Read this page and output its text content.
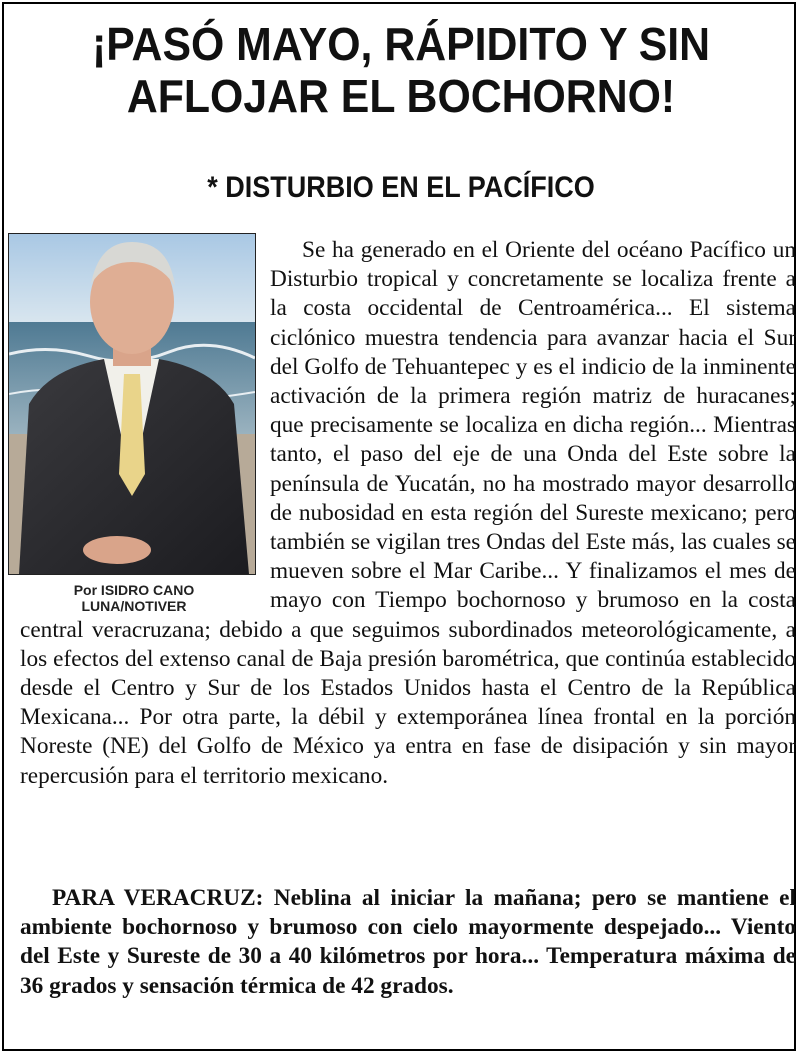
¡PASÓ MAYO, RÁPIDITO Y SIN
AFLOJAR EL BOCHORNO!
* DISTURBIO EN EL PACÍFICO
Por ISIDRO CANO
LUNA/NOTIVER

Se ha generado en el Oriente del océano Pacífico un Disturbio tropical y concretamente se localiza frente a la costa occidental de Centroamérica... El sistema ciclónico muestra tendencia para avanzar hacia el Sur del Golfo de Tehuantepec y es el indicio de la inminente activación de la primera región matriz de huracanes; que precisamente se localiza en dicha región... Mientras tanto, el paso del eje de una Onda del Este sobre la península de Yucatán, no ha mostrado mayor desarrollo de nubosidad en esta región del Sureste mexicano; pero también se vigilan tres Ondas del Este más, las cuales se mueven sobre el Mar Caribe... Y finalizamos el mes de mayo con Tiempo bochornoso y brumoso en la costa central veracruzana; debido a que seguimos subordinados meteorológicamente, a los efectos del extenso canal de Baja presión barométrica, que continúa establecido desde el Centro y Sur de los Estados Unidos hasta el Centro de la República Mexicana... Por otra parte, la débil y extemporánea línea frontal en la porción Noreste (NE) del Golfo de México ya entra en fase de disipación y sin mayor repercusión para el territorio mexicano.

PARA VERACRUZ: Neblina al iniciar la mañana; pero se mantiene el ambiente bochornoso y brumoso con cielo mayormente despejado... Viento del Este y Sureste de 30 a 40 kilómetros por hora... Temperatura máxima de 36 grados y sensación térmica de 42 grados.
